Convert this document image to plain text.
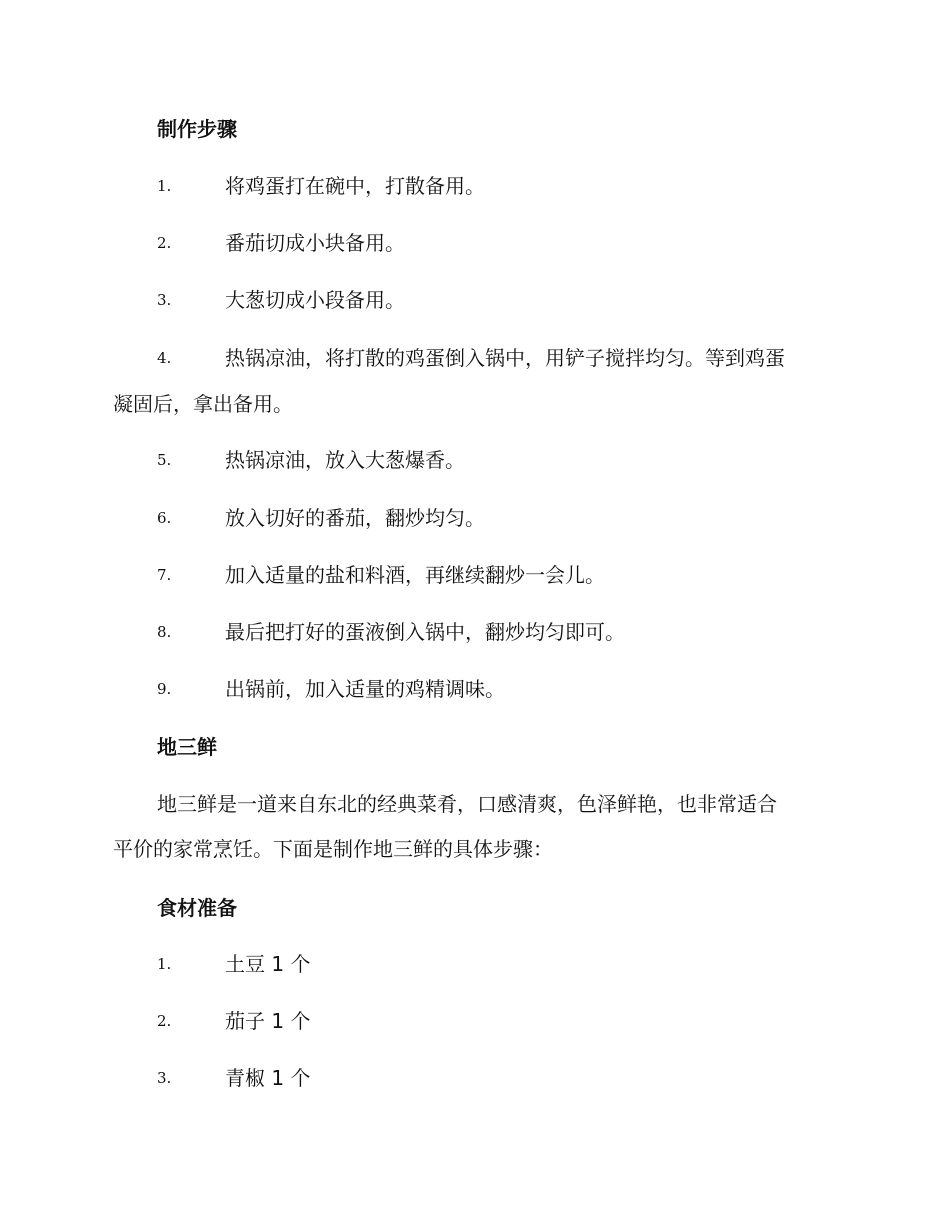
制作步骤
1.	将鸡蛋打在碗中，打散备用。
2.	番茄切成小块备用。
3.	大葱切成小段备用。
4.	热锅凉油，将打散的鸡蛋倒入锅中，用铲子搅拌均匀。等到鸡蛋
凝固后，拿出备用。
5.	热锅凉油，放入大葱爆香。
6.	放入切好的番茄，翻炒均匀。
7.	加入适量的盐和料酒，再继续翻炒一会儿。
8.	最后把打好的蛋液倒入锅中，翻炒均匀即可。
9.	出锅前，加入适量的鸡精调味。
地三鲜

地三鲜是一道来自东北的经典菜肴，口感清爽，色泽鲜艳，也非常适合

平价的家常烹饪。下面是制作地三鲜的具体步骤：

食材准备
1.	土豆 1 个
2.	茄子 1 个
3.	青椒 1 个
